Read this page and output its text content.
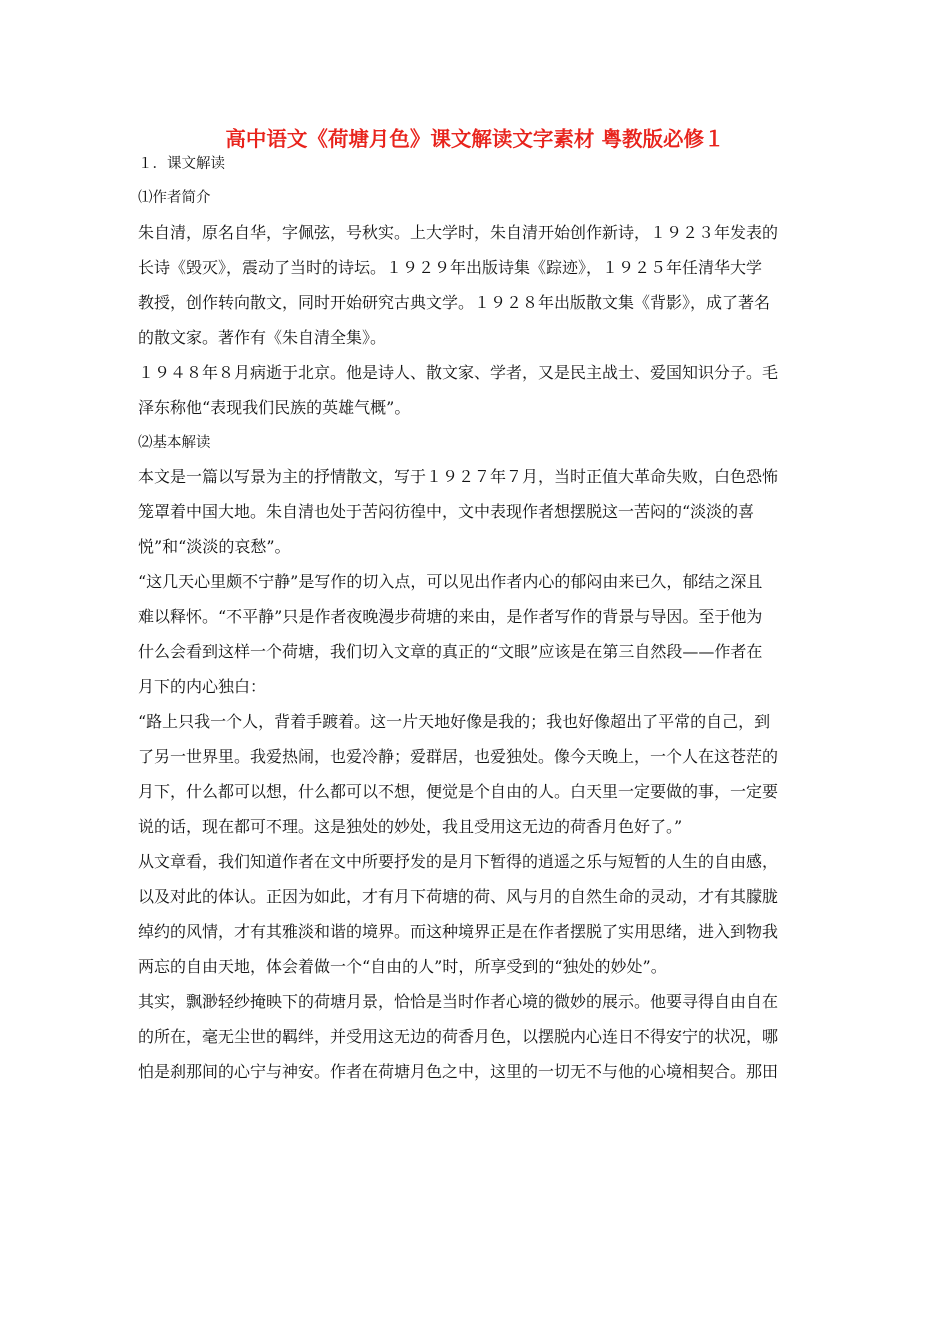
高中语文《荷塘月色》课文解读文字素材 粤教版必修１
１．课文解读
⑴作者简介
朱自清，原名自华，字佩弦，号秋实。上大学时，朱自清开始创作新诗，１９２３年发表的
长诗《毁灭》，震动了当时的诗坛。１９２９年出版诗集《踪迹》，１９２５年任清华大学
教授，创作转向散文，同时开始研究古典文学。１９２８年出版散文集《背影》，成了著名
的散文家。著作有《朱自清全集》。
１９４８年８月病逝于北京。他是诗人、散文家、学者，又是民主战士、爱国知识分子。毛
泽东称他“表现我们民族的英雄气概”。
⑵基本解读
本文是一篇以写景为主的抒情散文，写于１９２７年７月，当时正值大革命失败，白色恐怖
笼罩着中国大地。朱自清也处于苦闷彷徨中，文中表现作者想摆脱这一苦闷的“淡淡的喜
悦”和“淡淡的哀愁”。
“这几天心里颇不宁静”是写作的切入点，可以见出作者内心的郁闷由来已久，郁结之深且
难以释怀。“不平静”只是作者夜晚漫步荷塘的来由，是作者写作的背景与导因。至于他为
什么会看到这样一个荷塘，我们切入文章的真正的“文眼”应该是在第三自然段——作者在
月下的内心独白：
“路上只我一个人，背着手踱着。这一片天地好像是我的；我也好像超出了平常的自己，到
了另一世界里。我爱热闹，也爱冷静；爱群居，也爱独处。像今天晚上，一个人在这苍茫的
月下，什么都可以想，什么都可以不想，便觉是个自由的人。白天里一定要做的事，一定要
说的话，现在都可不理。这是独处的妙处，我且受用这无边的荷香月色好了。”
从文章看，我们知道作者在文中所要抒发的是月下暂得的逍遥之乐与短暂的人生的自由感，
以及对此的体认。正因为如此，才有月下荷塘的荷、风与月的自然生命的灵动，才有其朦胧
绰约的风情，才有其雅淡和谐的境界。而这种境界正是在作者摆脱了实用思绪，进入到物我
两忘的自由天地，体会着做一个“自由的人”时，所享受到的“独处的妙处”。
其实，飘渺轻纱掩映下的荷塘月景，恰恰是当时作者心境的微妙的展示。他要寻得自由自在
的所在，毫无尘世的羁绊，并受用这无边的荷香月色，以摆脱内心连日不得安宁的状况，哪
怕是刹那间的心宁与神安。作者在荷塘月色之中，这里的一切无不与他的心境相契合。那田
